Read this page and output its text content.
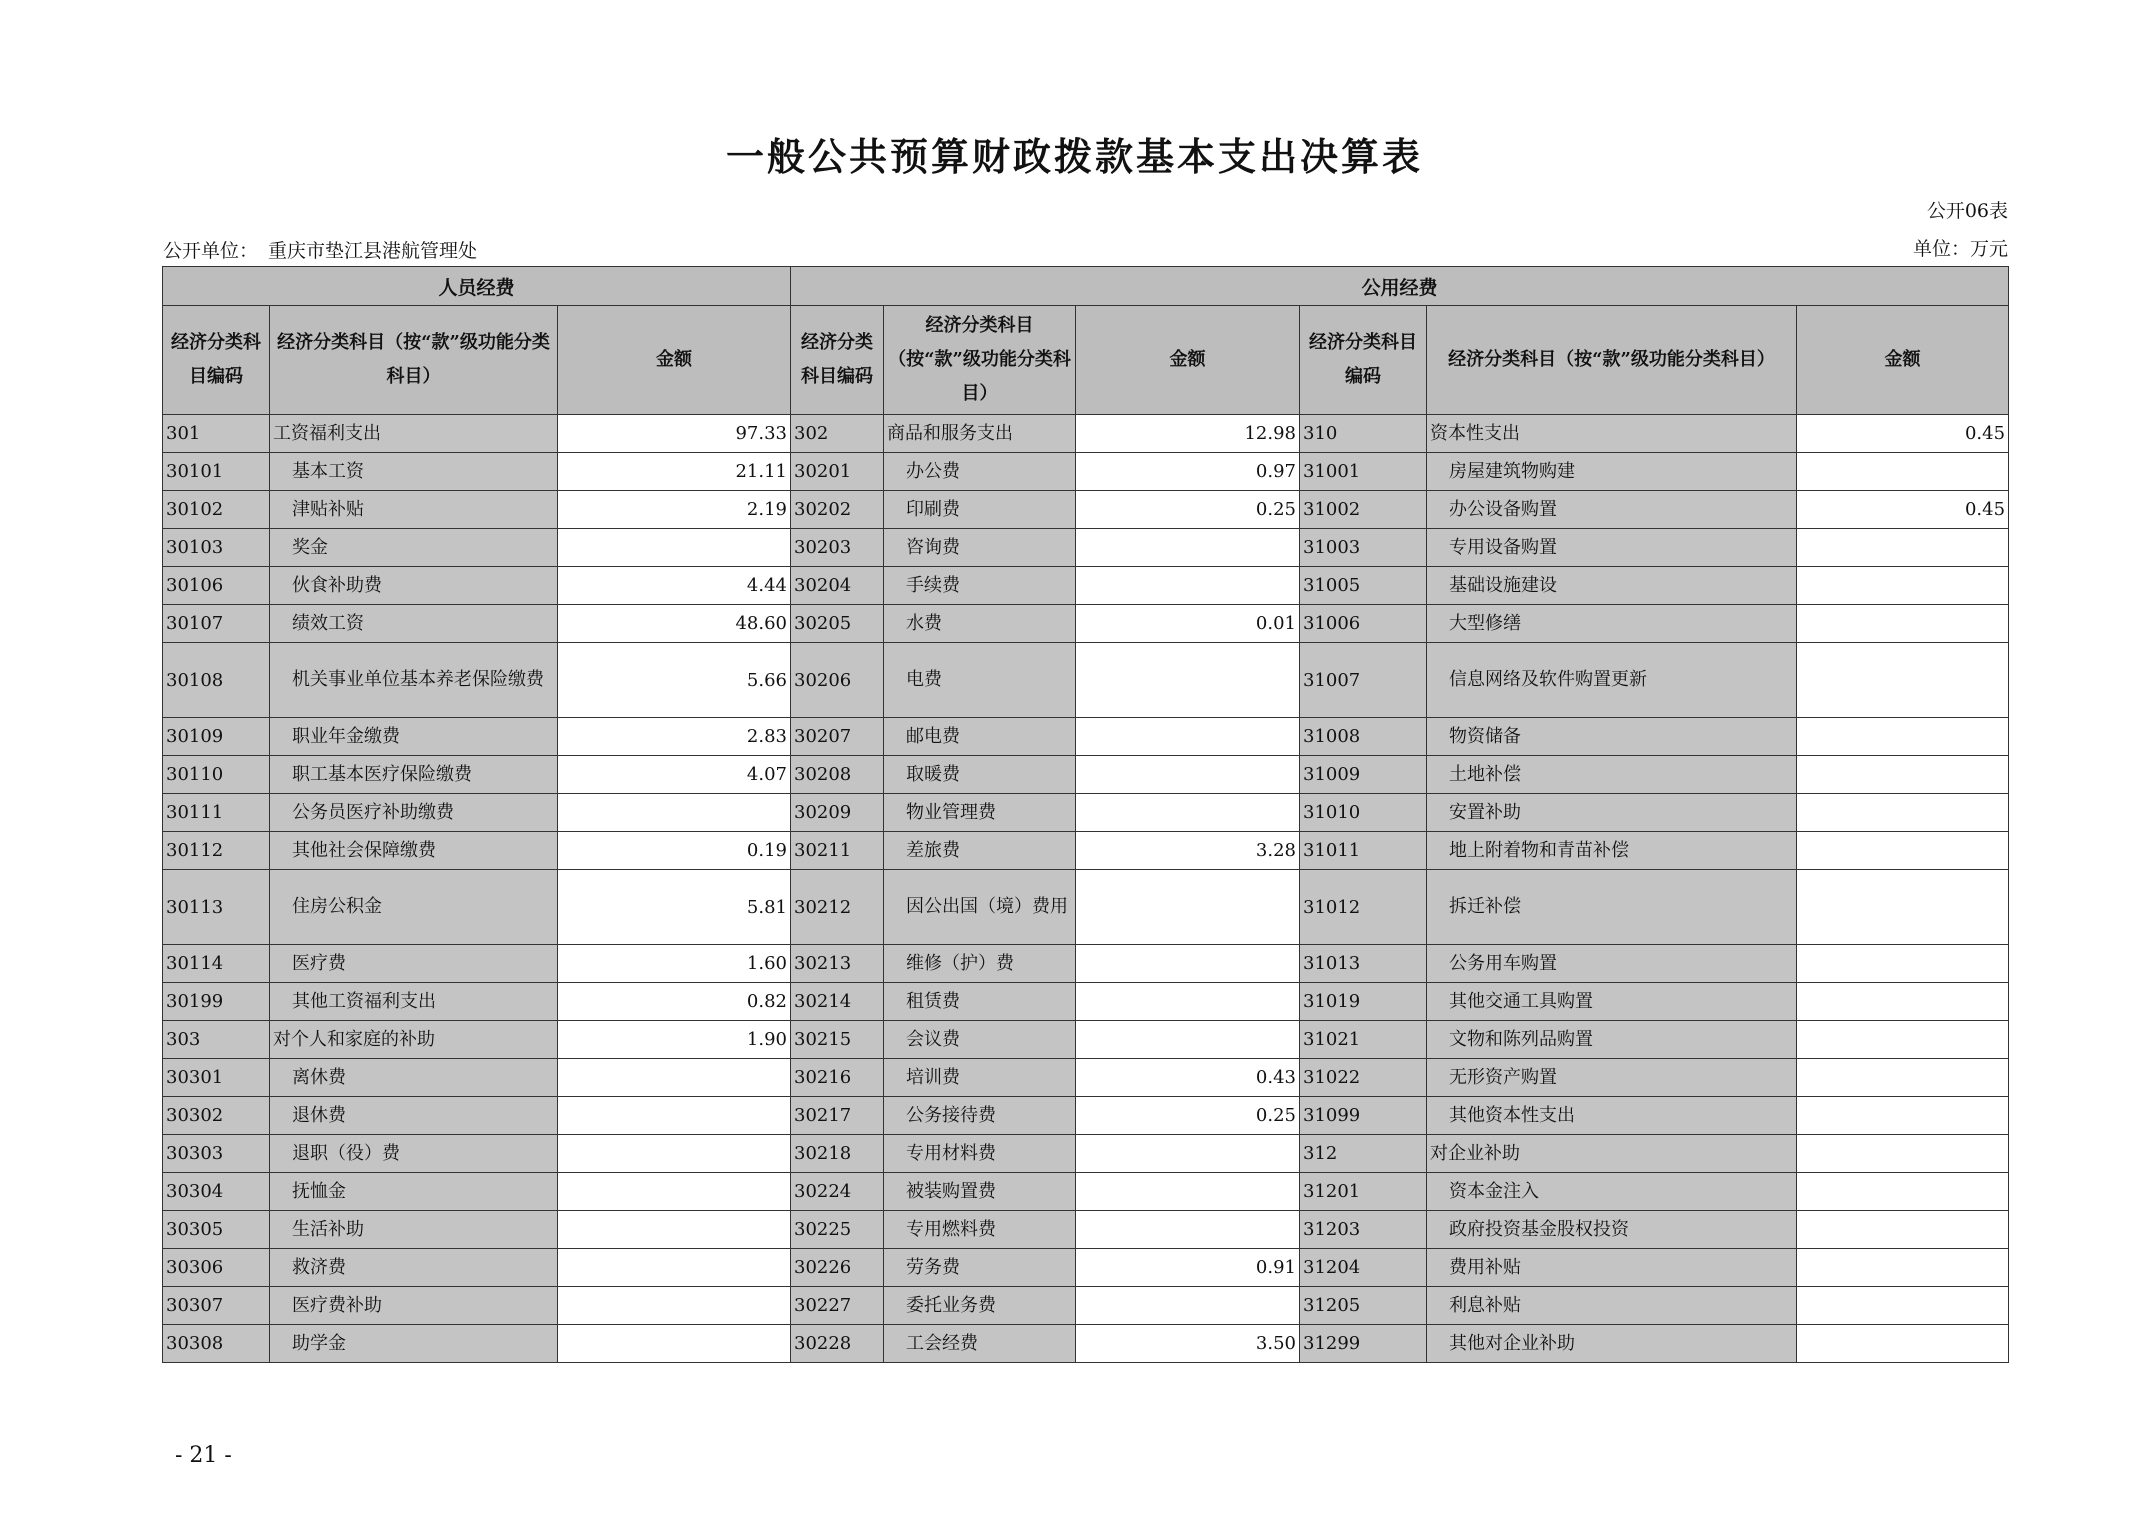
一般公共预算财政拨款基本支出决算表
公开06表
公开单位： 重庆市垫江县港航管理处	单位：万元
人员经费			公用经费					
经济分类科目编码	经济分类科目（按“款”级功能分类科目）	金额	经济分类科目编码	经济分类科目（按“款”级功能分类科目）	金额	经济分类科目编码	经济分类科目（按“款”级功能分类科目）	金额
301	工资福利支出	97.33	302	商品和服务支出	12.98	310	资本性支出	0.45
30101	基本工资	21.11	30201	办公费	0.97	31001	房屋建筑物购建	
30102	津贴补贴	2.19	30202	印刷费	0.25	31002	办公设备购置	0.45
30103	奖金		30203	咨询费		31003	专用设备购置	
30106	伙食补助费	4.44	30204	手续费		31005	基础设施建设	
30107	绩效工资	48.60	30205	水费	0.01	31006	大型修缮	
30108	机关事业单位基本养老保险缴费	5.66	30206	电费		31007	信息网络及软件购置更新	
30109	职业年金缴费	2.83	30207	邮电费		31008	物资储备	
30110	职工基本医疗保险缴费	4.07	30208	取暖费		31009	土地补偿	
30111	公务员医疗补助缴费		30209	物业管理费		31010	安置补助	
30112	其他社会保障缴费	0.19	30211	差旅费	3.28	31011	地上附着物和青苗补偿	
30113	住房公积金	5.81	30212	因公出国（境）费用		31012	拆迁补偿	
30114	医疗费	1.60	30213	维修（护）费		31013	公务用车购置	
30199	其他工资福利支出	0.82	30214	租赁费		31019	其他交通工具购置	
303	对个人和家庭的补助	1.90	30215	会议费		31021	文物和陈列品购置	
30301	离休费		30216	培训费	0.43	31022	无形资产购置	
30302	退休费		30217	公务接待费	0.25	31099	其他资本性支出	
30303	退职（役）费		30218	专用材料费		312	对企业补助	
30304	抚恤金		30224	被装购置费		31201	资本金注入	
30305	生活补助		30225	专用燃料费		31203	政府投资基金股权投资	
30306	救济费		30226	劳务费	0.91	31204	费用补贴	
30307	医疗费补助		30227	委托业务费		31205	利息补贴	
30308	助学金		30228	工会经费	3.50	31299	其他对企业补助	
- 21 -
